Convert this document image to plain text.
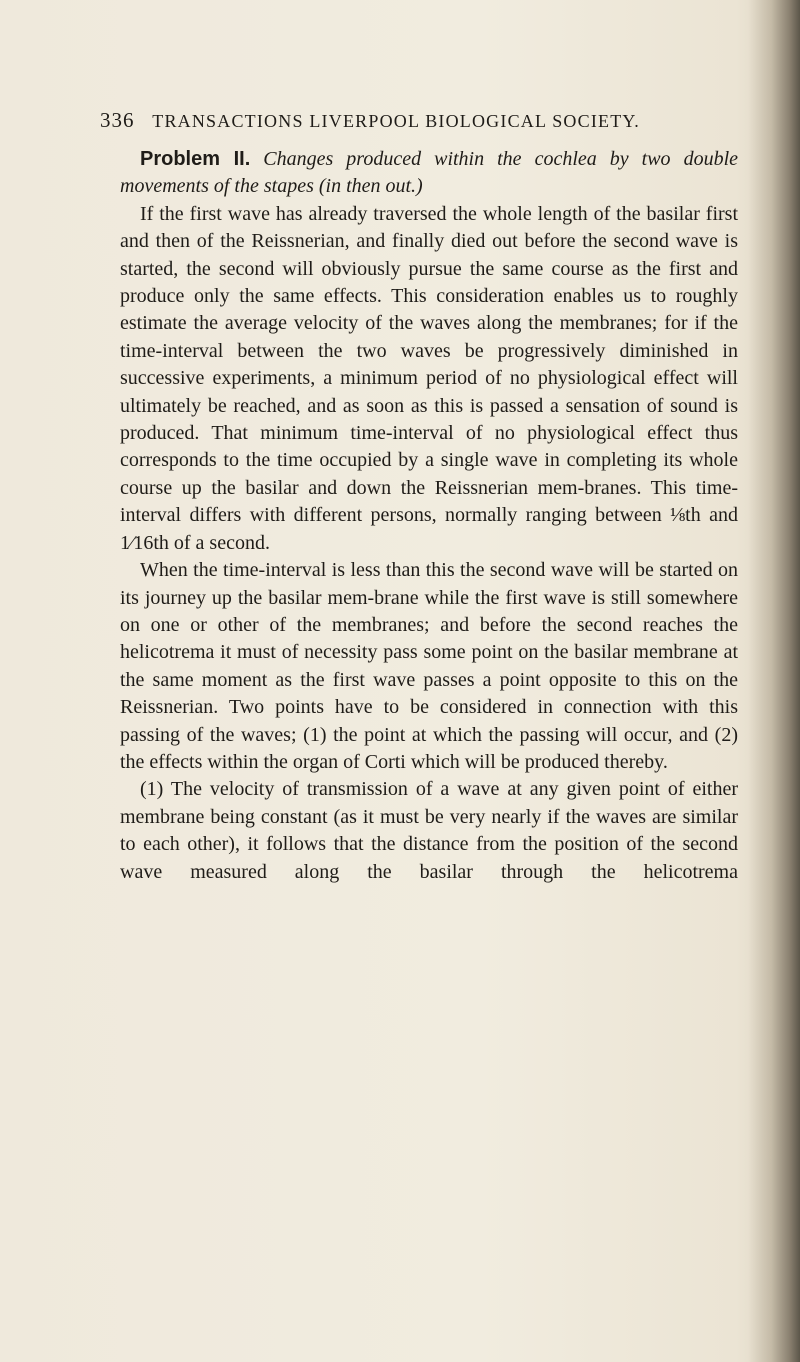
336 TRANSACTIONS LIVERPOOL BIOLOGICAL SOCIETY.

Problem II. Changes produced within the cochlea by two double movements of the stapes (in then out.)

If the first wave has already traversed the whole length of the basilar first and then of the Reissnerian, and finally died out before the second wave is started, the second will obviously pursue the same course as the first and produce only the same effects. This consideration enables us to roughly estimate the average velocity of the waves along the membranes; for if the time-interval between the two waves be progressively diminished in successive experiments, a minimum period of no physiological effect will ultimately be reached, and as soon as this is passed a sensation of sound is produced. That minimum time-interval of no physiological effect thus corresponds to the time occupied by a single wave in completing its whole course up the basilar and down the Reissnerian mem-branes. This time-interval differs with different persons, normally ranging between ⅛th and 1⁄16th of a second.

When the time-interval is less than this the second wave will be started on its journey up the basilar mem-brane while the first wave is still somewhere on one or other of the membranes; and before the second reaches the helicotrema it must of necessity pass some point on the basilar membrane at the same moment as the first wave passes a point opposite to this on the Reissnerian. Two points have to be considered in connection with this passing of the waves; (1) the point at which the passing will occur, and (2) the effects within the organ of Corti which will be produced thereby.

(1) The velocity of transmission of a wave at any given point of either membrane being constant (as it must be very nearly if the waves are similar to each other), it follows that the distance from the position of the second wave measured along the basilar through the helicotrema
